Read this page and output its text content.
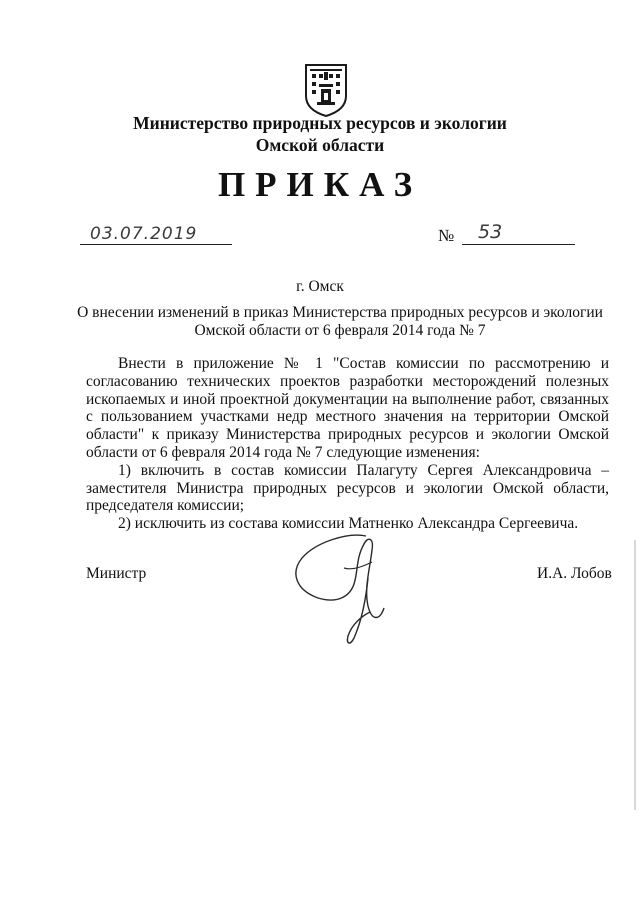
Министерство природных ресурсов и экологии
Омской области
ПРИКАЗ
03.07.2019	№ 53
г. Омск
О внесении изменений в приказ Министерства природных ресурсов и экологии
Омской области от 6 февраля 2014 года № 7

Внести в приложение № 1 "Состав комиссии по рассмотрению и согласованию технических проектов разработки месторождений полезных ископаемых и иной проектной документации на выполнение работ, связанных с пользованием участками недр местного значения на территории Омской области" к приказу Министерства природных ресурсов и экологии Омской области от 6 февраля 2014 года № 7 следующие изменения:

1) включить в состав комиссии Палагуту Сергея Александровича – заместителя Министра природных ресурсов и экологии Омской области, председателя комиссии;

2) исключить из состава комиссии Матненко Александра Сергеевича.

Министр	И.А. Лобов
